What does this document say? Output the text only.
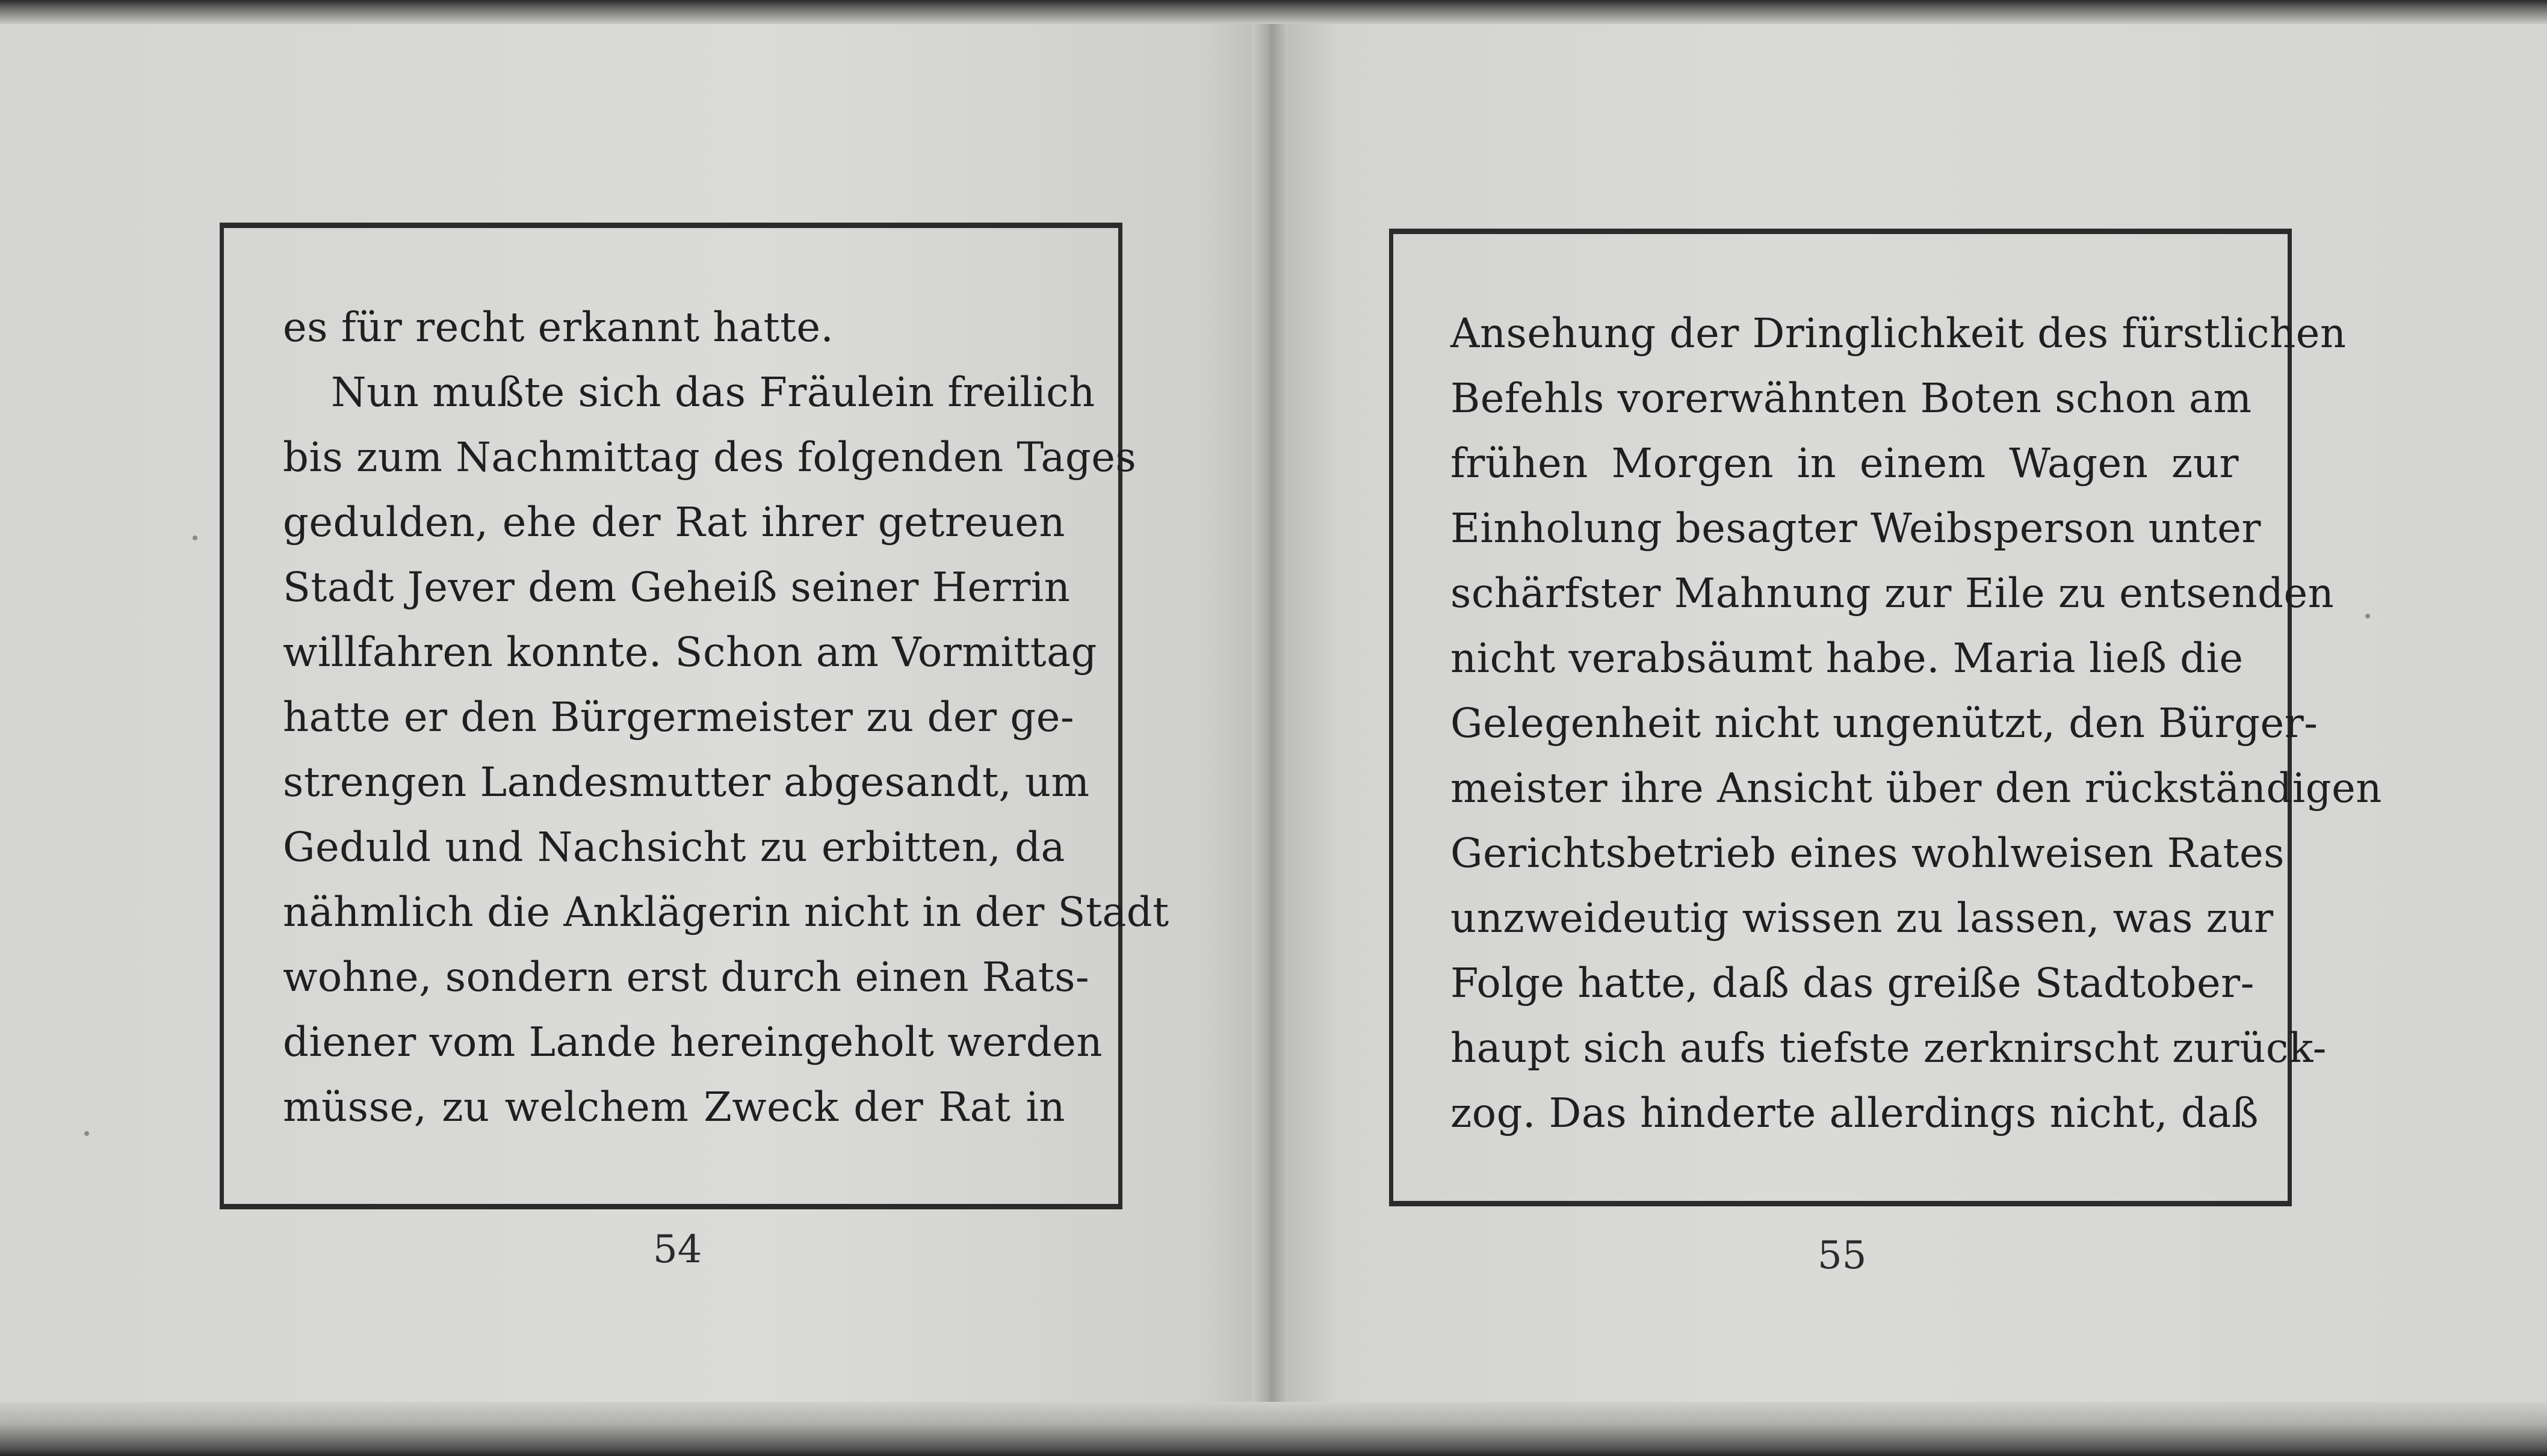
es für recht erkannt hatte.
Nun mußte sich das Fräulein freilich
bis zum Nachmittag des folgenden Tages
gedulden, ehe der Rat ihrer getreuen
Stadt Jever dem Geheiß seiner Herrin
willfahren konnte. Schon am Vormittag
hatte er den Bürgermeister zu der ge-
strengen Landesmutter abgesandt, um
Geduld und Nachsicht zu erbitten, da
nähmlich die Anklägerin nicht in der Stadt
wohne, sondern erst durch einen Rats-
diener vom Lande hereingeholt werden
müsse, zu welchem Zweck der Rat in
Ansehung der Dringlichkeit des fürstlichen
Befehls vorerwähnten Boten schon am
frühen Morgen in einem Wagen zur
Einholung besagter Weibsperson unter
schärfster Mahnung zur Eile zu entsenden
nicht verabsäumt habe. Maria ließ die
Gelegenheit nicht ungenützt, den Bürger-
meister ihre Ansicht über den rückständigen
Gerichtsbetrieb eines wohlweisen Rates
unzweideutig wissen zu lassen, was zur
Folge hatte, daß das greiße Stadtober-
haupt sich aufs tiefste zerknirscht zurück-
zog. Das hinderte allerdings nicht, daß
54	55
